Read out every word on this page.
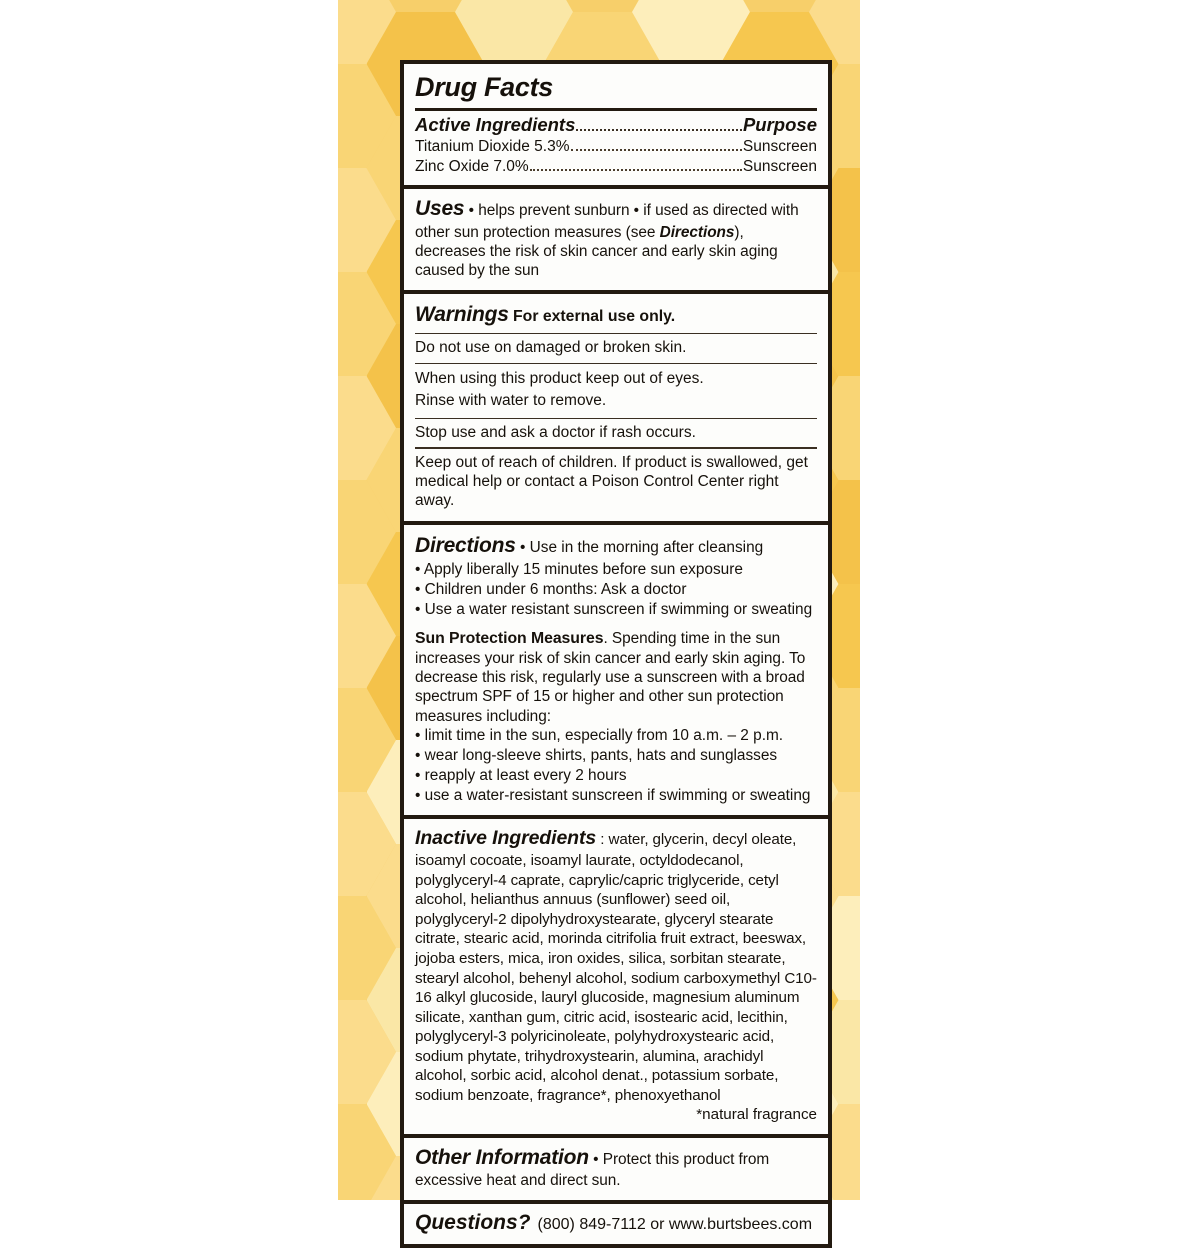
Drug Facts
Active Ingredients	Purpose
Titanium Dioxide 5.3%	Sunscreen
Zinc Oxide 7.0%	Sunscreen
Uses • helps prevent sunburn • if used as directed with other sun protection measures (see Directions), decreases the risk of skin cancer and early skin aging caused by the sun
Warnings For external use only.
Do not use on damaged or broken skin.
When using this product keep out of eyes.
Rinse with water to remove.
Stop use and ask a doctor if rash occurs.
Keep out of reach of children. If product is swallowed, get medical help or contact a Poison Control Center right away.
Directions • Use in the morning after cleansing
• Apply liberally 15 minutes before sun exposure
• Children under 6 months: Ask a doctor
• Use a water resistant sunscreen if swimming or sweating
Sun Protection Measures. Spending time in the sun increases your risk of skin cancer and early skin aging. To decrease this risk, regularly use a sunscreen with a broad spectrum SPF of 15 or higher and other sun protection measures including:
• limit time in the sun, especially from 10 a.m. – 2 p.m.
• wear long-sleeve shirts, pants, hats and sunglasses
• reapply at least every 2 hours
• use a water-resistant sunscreen if swimming or sweating
Inactive Ingredients : water, glycerin, decyl oleate, isoamyl cocoate, isoamyl laurate, octyldodecanol, polyglyceryl-4 caprate, caprylic/capric triglyceride, cetyl alcohol, helianthus annuus (sunflower) seed oil, polyglyceryl-2 dipolyhydroxystearate, glyceryl stearate citrate, stearic acid, morinda citrifolia fruit extract, beeswax, jojoba esters, mica, iron oxides, silica, sorbitan stearate, stearyl alcohol, behenyl alcohol, sodium carboxymethyl C10-16 alkyl glucoside, lauryl glucoside, magnesium aluminum silicate, xanthan gum, citric acid, isostearic acid, lecithin, polyglyceryl-3 polyricinoleate, polyhydroxystearic acid, sodium phytate, trihydroxystearin, alumina, arachidyl alcohol, sorbic acid, alcohol denat., potassium sorbate, sodium benzoate, fragrance*, phenoxyethanol
*natural fragrance
Other Information • Protect this product from excessive heat and direct sun.
Questions? (800) 849-7112 or www.burtsbees.com
